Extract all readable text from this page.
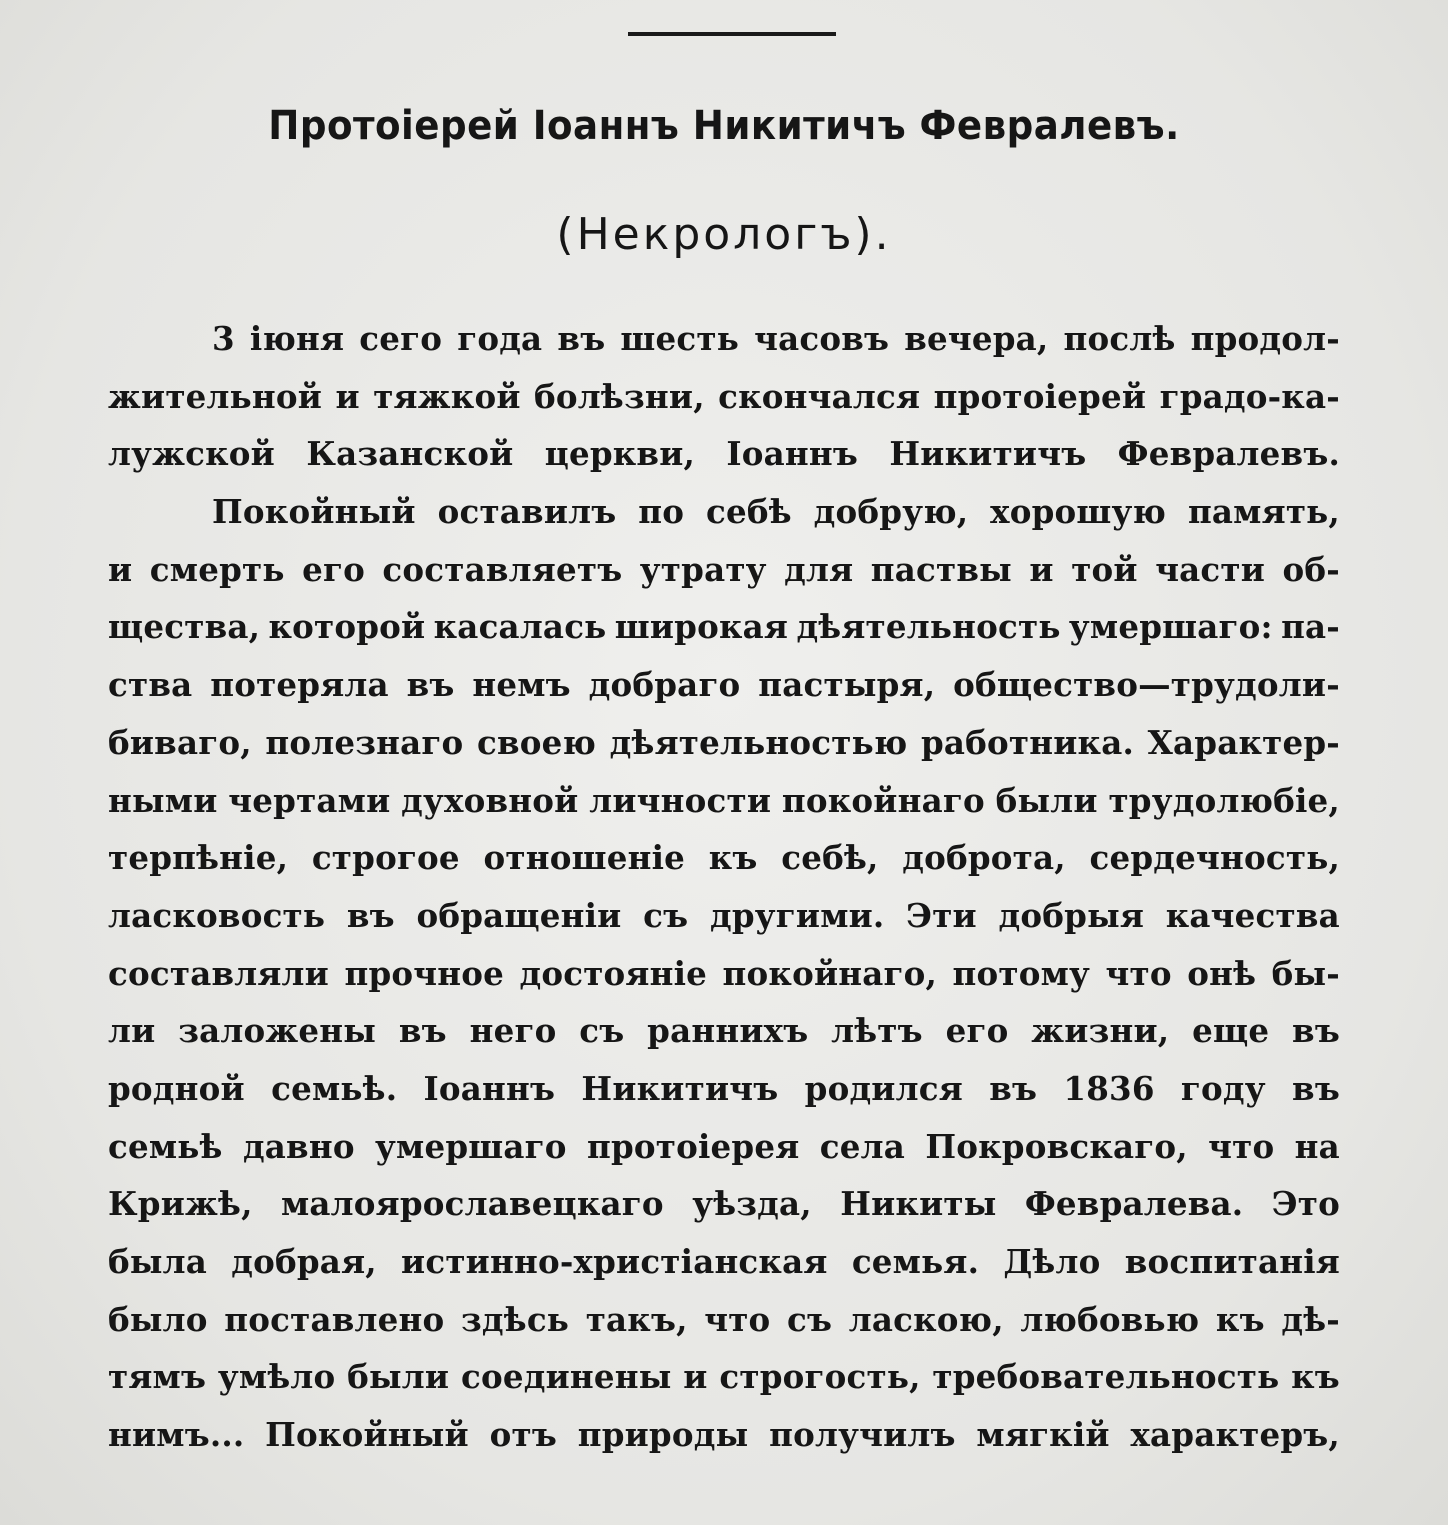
Протоiерей Iоаннъ Никитичъ Февралевъ.
(Некрологъ).
3 iюня сего года въ шесть часовъ вечера, послѣ продол-
жительной и тяжкой болѣзни, скончался протоiерей градо-ка-
лужской Казанской церкви, Iоаннъ Никитичъ Февралевъ.
Покойный оставилъ по себѣ добрую, хорошую память,
и смерть его составляетъ утрату для паствы и той части об-
щества, которой касалась широкая дѣятельность умершаго: па-
ства потеряла въ немъ добраго пастыря, общество—трудоли-
биваго, полезнаго своею дѣятельностью работника. Характер-
ными чертами духовной личности покойнаго были трудолюбiе,
терпѣнiе, строгое отношенiе къ себѣ, доброта, сердечность,
ласковость въ обращенiи съ другими. Эти добрыя качества
составляли прочное достоянiе покойнаго, потому что онѣ бы-
ли заложены въ него съ раннихъ лѣтъ его жизни, еще въ
родной семьѣ. Iоаннъ Никитичъ родился въ 1836 году въ
семьѣ давно умершаго протоiерея села Покровскаго, что на
Крижѣ, малоярославецкаго уѣзда, Никиты Февралева. Это
была добрая, истинно-христiанская семья. Дѣло воспитанiя
было поставлено здѣсь такъ, что съ ласкою, любовью къ дѣ-
тямъ умѣло были соединены и строгость, требовательность къ
нимъ... Покойный отъ природы получилъ мягкiй характеръ,
